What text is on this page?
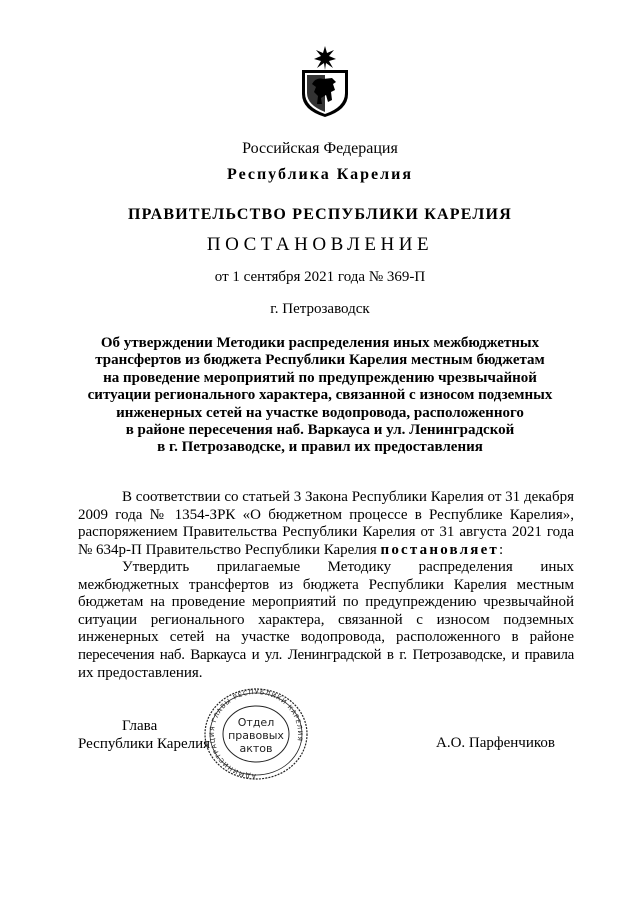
Российская Федерация
Республика Карелия
ПРАВИТЕЛЬСТВО РЕСПУБЛИКИ КАРЕЛИЯ
ПОСТАНОВЛЕНИЕ
от 1 сентября 2021 года № 369-П
г. Петрозаводск
Об утверждении Методики распределения иных межбюджетных
трансфертов из бюджета Республики Карелия местным бюджетам
на проведение мероприятий по предупреждению чрезвычайной
ситуации регионального характера, связанной с износом подземных
инженерных сетей на участке водопровода, расположенного
в районе пересечения наб. Варкауса и ул. Ленинградской
в г. Петрозаводске, и правил их предоставления
В соответствии со статьей 3 Закона Республики Карелия от 31 декабря
2009 года № 1354-ЗРК «О бюджетном процессе в Республике Карелия»,
распоряжением Правительства Республики Карелия от 31 августа 2021 года
№ 634р-П Правительство Республики Карелия постановляет:
Утвердить прилагаемые Методику распределения иных
межбюджетных трансфертов из бюджета Республики Карелия местным
бюджетам на проведение мероприятий по предупреждению чрезвычайной
ситуации регионального характера, связанной с износом подземных
инженерных сетей на участке водопровода, расположенного в районе
пересечения наб. Варкауса и ул. Ленинградской в г. Петрозаводске, и правила
их предоставления.
Глава
Республики Карелия	А.О. Парфенчиков
АДМИНИСТРАЦИЯ ГЛАВЫ РЕСПУБЛИКИ КАРЕЛИЯ
Отдел
правовых
актов
